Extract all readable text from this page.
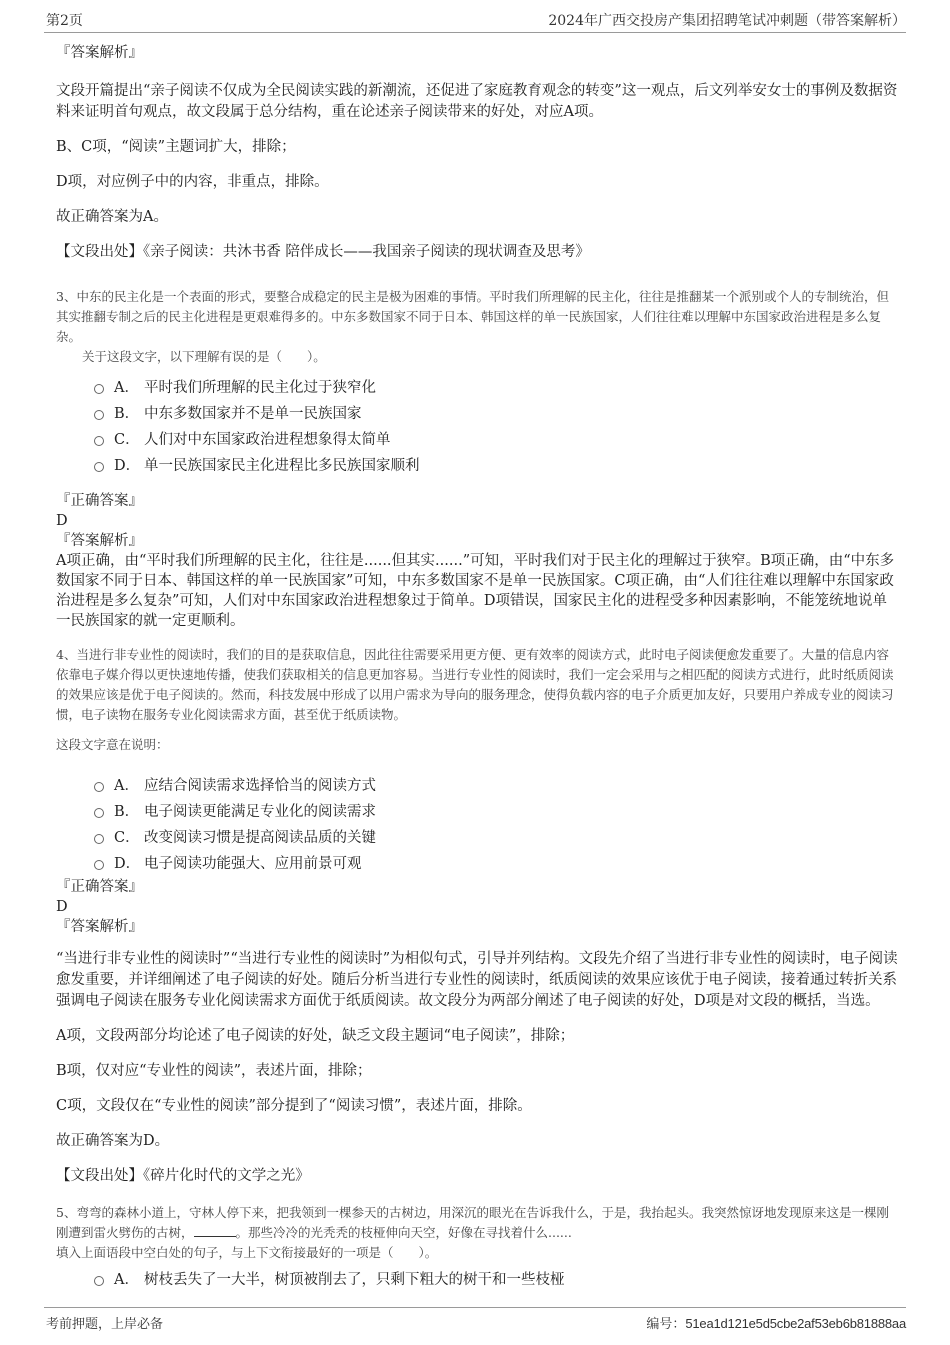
第2页	2024年广西交投房产集团招聘笔试冲刺题（带答案解析）

『答案解析』

文段开篇提出“亲子阅读不仅成为全民阅读实践的新潮流，还促进了家庭教育观念的转变”这一观点，后文列举安女士的事例及数据资料来证明首句观点，故文段属于总分结构，重在论述亲子阅读带来的好处，对应A项。

B、C项，“阅读”主题词扩大，排除；

D项，对应例子中的内容，非重点，排除。

故正确答案为A。

【文段出处】《亲子阅读：共沐书香 陪伴成长——我国亲子阅读的现状调查及思考》

3、中东的民主化是一个表面的形式，要整合成稳定的民主是极为困难的事情。平时我们所理解的民主化，往往是推翻某一个派别或个人的专制统治，但其实推翻专制之后的民主化进程是更艰难得多的。中东多数国家不同于日本、韩国这样的单一民族国家，人们往往难以理解中东国家政治进程是多么复杂。

关于这段文字，以下理解有误的是（　　）。

A． 平时我们所理解的民主化过于狭窄化
B． 中东多数国家并不是单一民族国家
C． 人们对中东国家政治进程想象得太简单
D． 单一民族国家民主化进程比多民族国家顺利

『正确答案』

D

『答案解析』

A项正确，由“平时我们所理解的民主化，往往是......但其实......”可知，平时我们对于民主化的理解过于狭窄。B项正确，由“中东多数国家不同于日本、韩国这样的单一民族国家”可知，中东多数国家不是单一民族国家。C项正确，由“人们往往难以理解中东国家政治进程是多么复杂”可知，人们对中东国家政治进程想象过于简单。D项错误，国家民主化的进程受多种因素影响，不能笼统地说单一民族国家的就一定更顺利。

4、当进行非专业性的阅读时，我们的目的是获取信息，因此往往需要采用更方便、更有效率的阅读方式，此时电子阅读便愈发重要了。大量的信息内容依靠电子媒介得以更快速地传播，使我们获取相关的信息更加容易。当进行专业性的阅读时，我们一定会采用与之相匹配的阅读方式进行，此时纸质阅读的效果应该是优于电子阅读的。然而，科技发展中形成了以用户需求为导向的服务理念，使得负载内容的电子介质更加友好，只要用户养成专业的阅读习惯，电子读物在服务专业化阅读需求方面，甚至优于纸质读物。

这段文字意在说明：

A． 应结合阅读需求选择恰当的阅读方式
B． 电子阅读更能满足专业化的阅读需求
C． 改变阅读习惯是提高阅读品质的关键
D． 电子阅读功能强大、应用前景可观

『正确答案』

D

『答案解析』

“当进行非专业性的阅读时”“当进行专业性的阅读时”为相似句式，引导并列结构。文段先介绍了当进行非专业性的阅读时，电子阅读愈发重要，并详细阐述了电子阅读的好处。随后分析当进行专业性的阅读时，纸质阅读的效果应该优于电子阅读，接着通过转折关系强调电子阅读在服务专业化阅读需求方面优于纸质阅读。故文段分为两部分阐述了电子阅读的好处，D项是对文段的概括，当选。

A项，文段两部分均论述了电子阅读的好处，缺乏文段主题词“电子阅读”，排除；

B项，仅对应“专业性的阅读”，表述片面，排除；

C项，文段仅在“专业性的阅读”部分提到了“阅读习惯”，表述片面，排除。

故正确答案为D。

【文段出处】《碎片化时代的文学之光》

5、弯弯的森林小道上，守林人停下来，把我领到一棵参天的古树边，用深沉的眼光在告诉我什么，于是，我抬起头。我突然惊讶地发现原来这是一棵刚刚遭到雷火劈伤的古树，	。那些冷冷的光秃秃的枝桠伸向天空，好像在寻找着什么......

填入上面语段中空白处的句子，与上下文衔接最好的一项是（　　）。

A． 树枝丢失了一大半，树顶被削去了，只剩下粗大的树干和一些枝桠
考前押题，上岸必备	编号：51ea1d121e5d5cbe2af53eb6b81888aa
